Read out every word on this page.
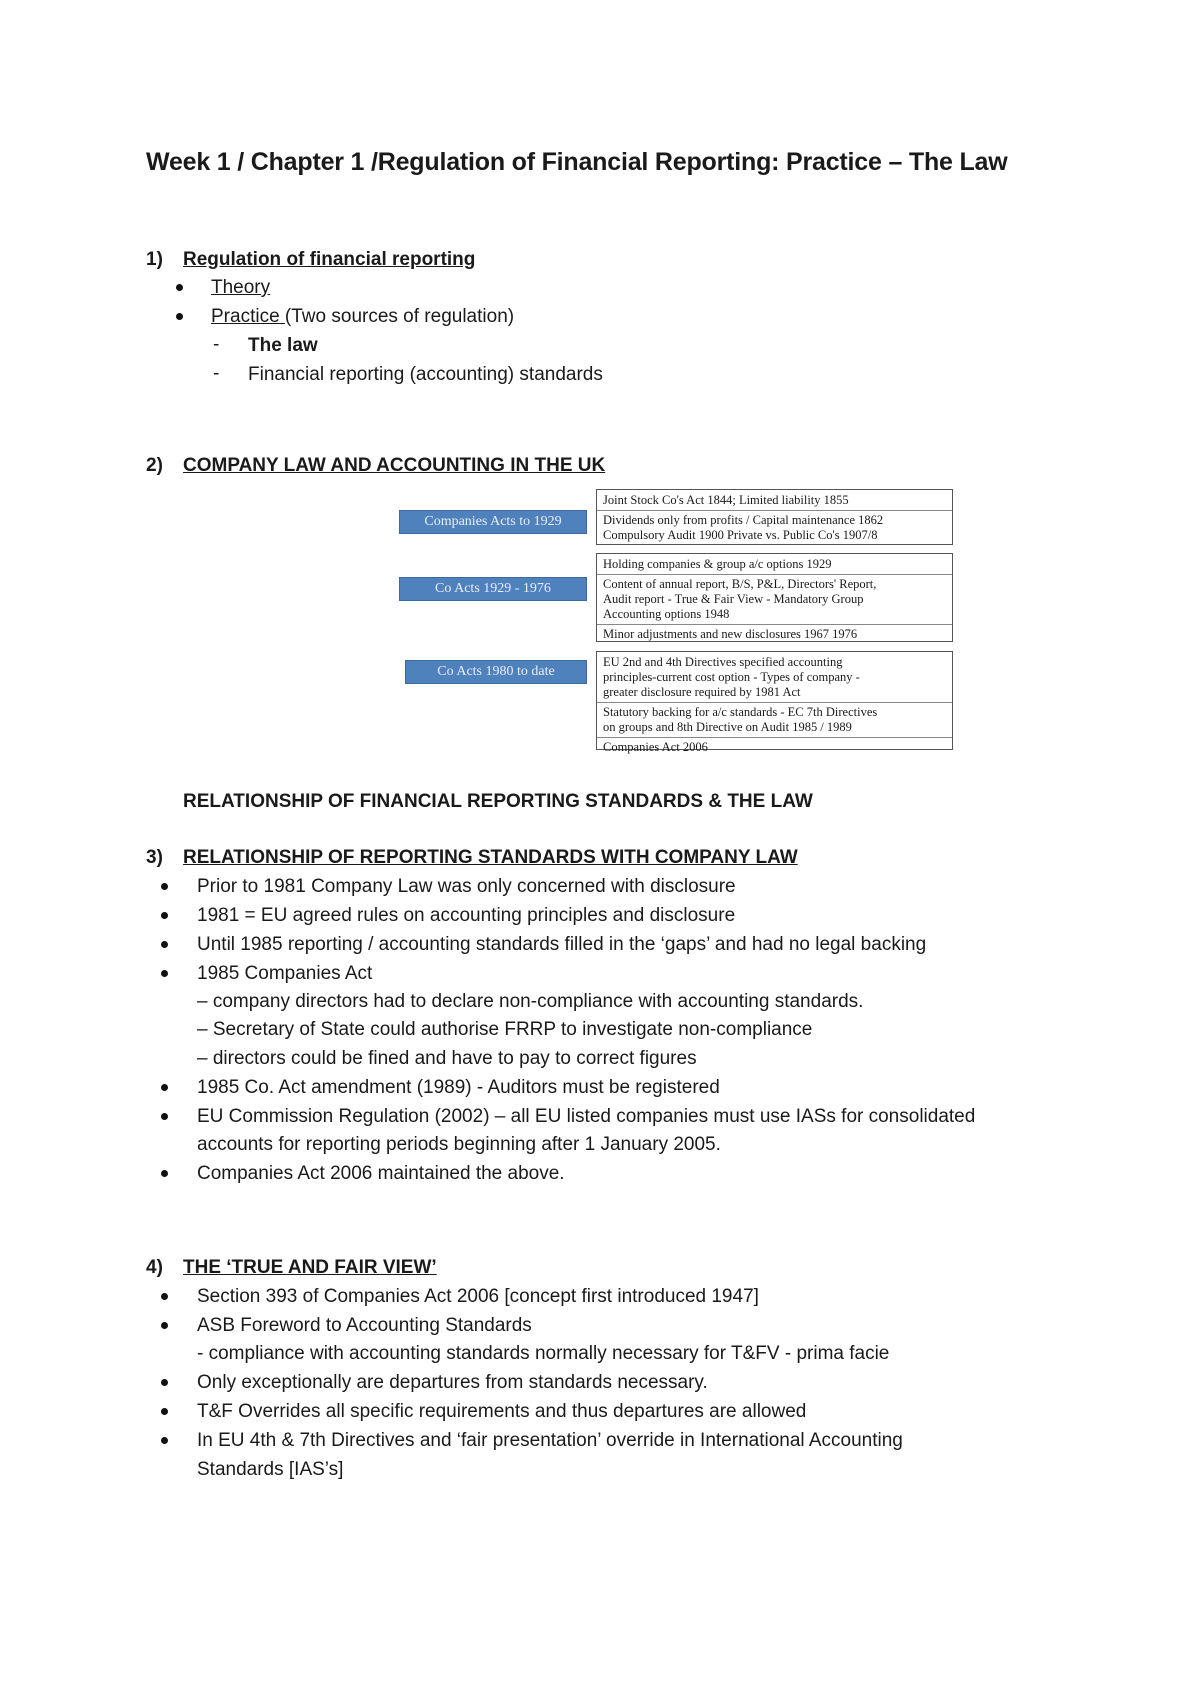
Week 1 / Chapter 1 /Regulation of Financial Reporting: Practice – The Law
1) Regulation of financial reporting
Theory
Practice (Two sources of regulation)
- The law
- Financial reporting (accounting) standards
2) COMPANY LAW AND ACCOUNTING IN THE UK
Companies Acts to 1929
Joint Stock Co's Act 1844; Limited liability 1855
Dividends only from profits / Capital maintenance 1862
Compulsory Audit 1900 Private vs. Public Co's 1907/8
Co Acts 1929 - 1976
Holding companies & group a/c options 1929
Content of annual report, B/S, P&L, Directors' Report,
Audit report - True & Fair View - Mandatory Group
Accounting options 1948
Minor adjustments and new disclosures 1967 1976
Co Acts 1980 to date
EU 2nd and 4th Directives specified accounting
principles-current cost option - Types of company -
greater disclosure required by 1981 Act
Statutory backing for a/c standards - EC 7th Directives
on groups and 8th Directive on Audit 1985 / 1989
Companies Act 2006
RELATIONSHIP OF FINANCIAL REPORTING STANDARDS & THE LAW
3) RELATIONSHIP OF REPORTING STANDARDS WITH COMPANY LAW
Prior to 1981 Company Law was only concerned with disclosure
1981 = EU agreed rules on accounting principles and disclosure
Until 1985 reporting / accounting standards filled in the ‘gaps’ and had no legal backing
1985 Companies Act
– company directors had to declare non-compliance with accounting standards.
– Secretary of State could authorise FRRP to investigate non-compliance
– directors could be fined and have to pay to correct figures
1985 Co. Act amendment (1989) - Auditors must be registered
EU Commission Regulation (2002) – all EU listed companies must use IASs for consolidated
accounts for reporting periods beginning after 1 January 2005.
Companies Act 2006 maintained the above.
4) THE ‘TRUE AND FAIR VIEW’
Section 393 of Companies Act 2006 [concept first introduced 1947]
ASB Foreword to Accounting Standards
- compliance with accounting standards normally necessary for T&FV - prima facie
Only exceptionally are departures from standards necessary.
T&F Overrides all specific requirements and thus departures are allowed
In EU 4th & 7th Directives and ‘fair presentation’ override in International Accounting
Standards [IAS’s]
